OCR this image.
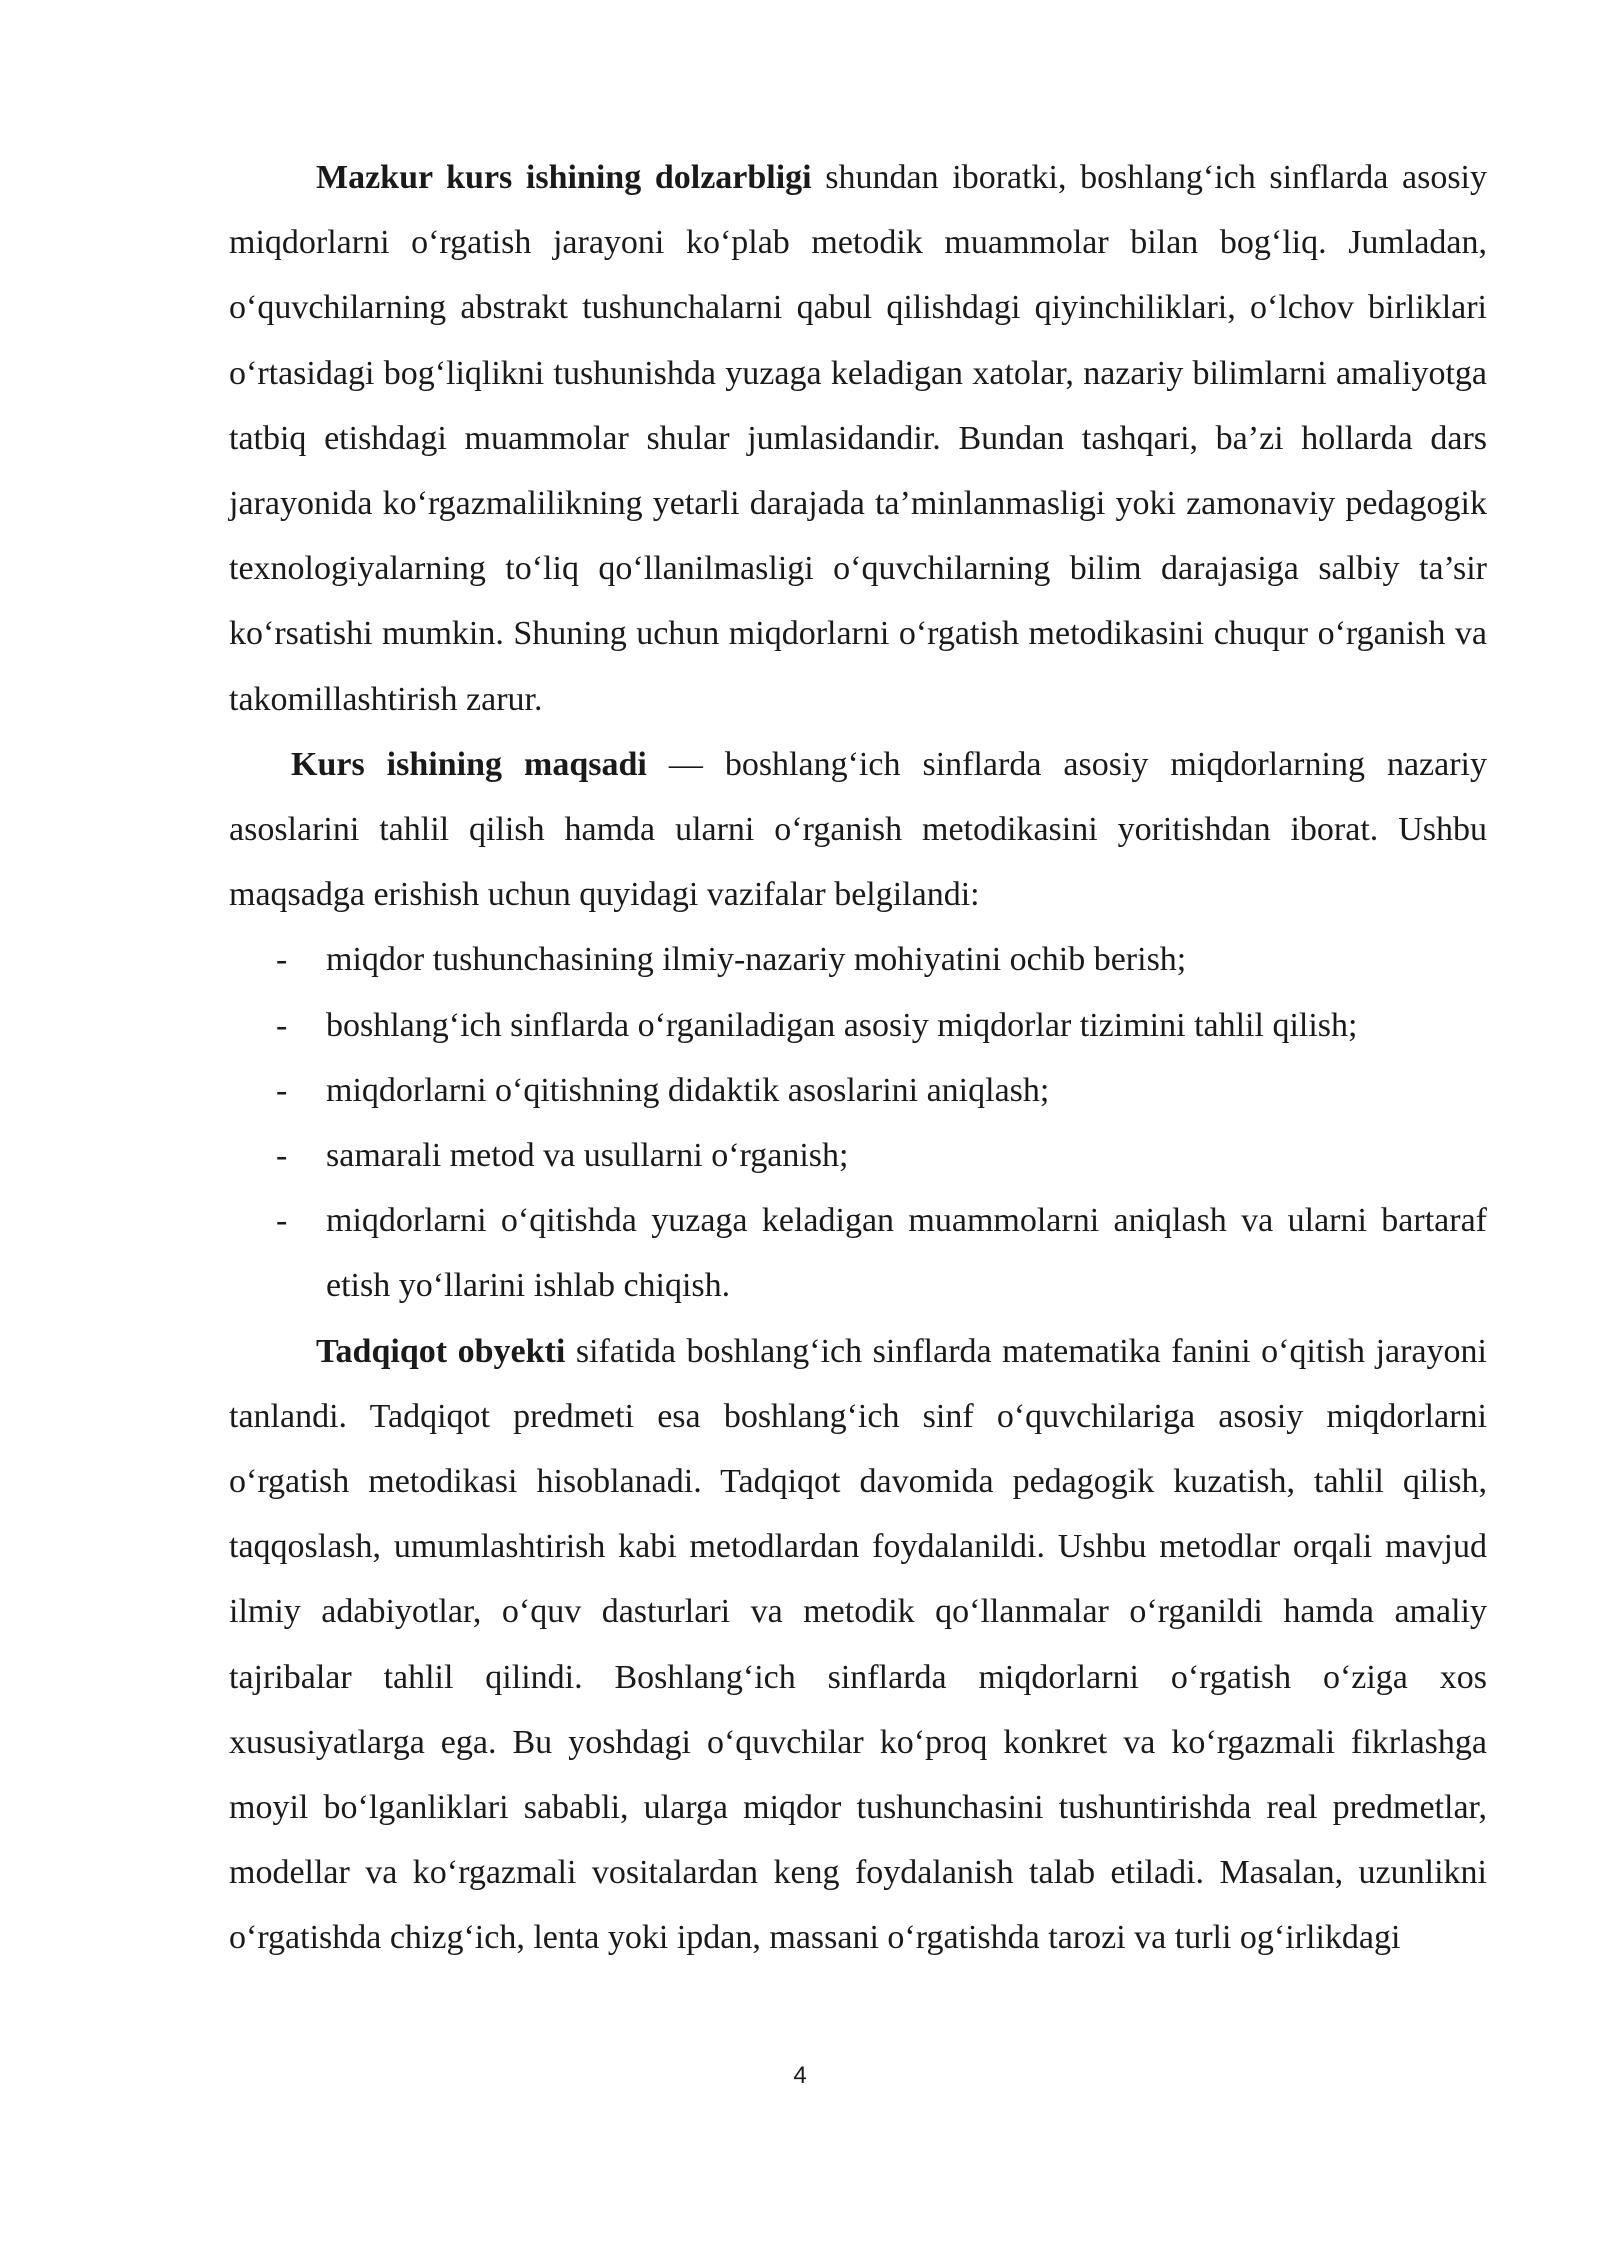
Mazkur kurs ishining dolzarbligi shundan iboratki, boshlang‘ich sinflarda asosiy miqdorlarni o‘rgatish jarayoni ko‘plab metodik muammolar bilan bog‘liq. Jumladan, o‘quvchilarning abstrakt tushunchalarni qabul qilishdagi qiyinchiliklari, o‘lchov birliklari o‘rtasidagi bog‘liqlikni tushunishda yuzaga keladigan xatolar, nazariy bilimlarni amaliyotga tatbiq etishdagi muammolar shular jumlasidandir. Bundan tashqari, ba’zi hollarda dars jarayonida ko‘rgazmalilikning yetarli darajada ta’minlanmasligi yoki zamonaviy pedagogik texnologiyalarning to‘liq qo‘llanilmasligi o‘quvchilarning bilim darajasiga salbiy ta’sir ko‘rsatishi mumkin. Shuning uchun miqdorlarni o‘rgatish metodikasini chuqur o‘rganish va takomillashtirish zarur.

Kurs ishining maqsadi — boshlang‘ich sinflarda asosiy miqdorlarning nazariy asoslarini tahlil qilish hamda ularni o‘rganish metodikasini yoritishdan iborat. Ushbu maqsadga erishish uchun quyidagi vazifalar belgilandi:

- miqdor tushunchasining ilmiy-nazariy mohiyatini ochib berish;
- boshlang‘ich sinflarda o‘rganiladigan asosiy miqdorlar tizimini tahlil qilish;
- miqdorlarni o‘qitishning didaktik asoslarini aniqlash;
- samarali metod va usullarni o‘rganish;
- miqdorlarni o‘qitishda yuzaga keladigan muammolarni aniqlash va ularni bartaraf etish yo‘llarini ishlab chiqish.

Tadqiqot obyekti sifatida boshlang‘ich sinflarda matematika fanini o‘qitish jarayoni tanlandi. Tadqiqot predmeti esa boshlang‘ich sinf o‘quvchilariga asosiy miqdorlarni o‘rgatish metodikasi hisoblanadi. Tadqiqot davomida pedagogik kuzatish, tahlil qilish, taqqoslash, umumlashtirish kabi metodlardan foydalanildi. Ushbu metodlar orqali mavjud ilmiy adabiyotlar, o‘quv dasturlari va metodik qo‘llanmalar o‘rganildi hamda amaliy tajribalar tahlil qilindi. Boshlang‘ich sinflarda miqdorlarni o‘rgatish o‘ziga xos xususiyatlarga ega. Bu yoshdagi o‘quvchilar ko‘proq konkret va ko‘rgazmali fikrlashga moyil bo‘lganliklari sababli, ularga miqdor tushunchasini tushuntirishda real predmetlar, modellar va ko‘rgazmali vositalardan keng foydalanish talab etiladi. Masalan, uzunlikni o‘rgatishda chizg‘ich, lenta yoki ipdan, massani o‘rgatishda tarozi va turli og‘irlikdagi

4
